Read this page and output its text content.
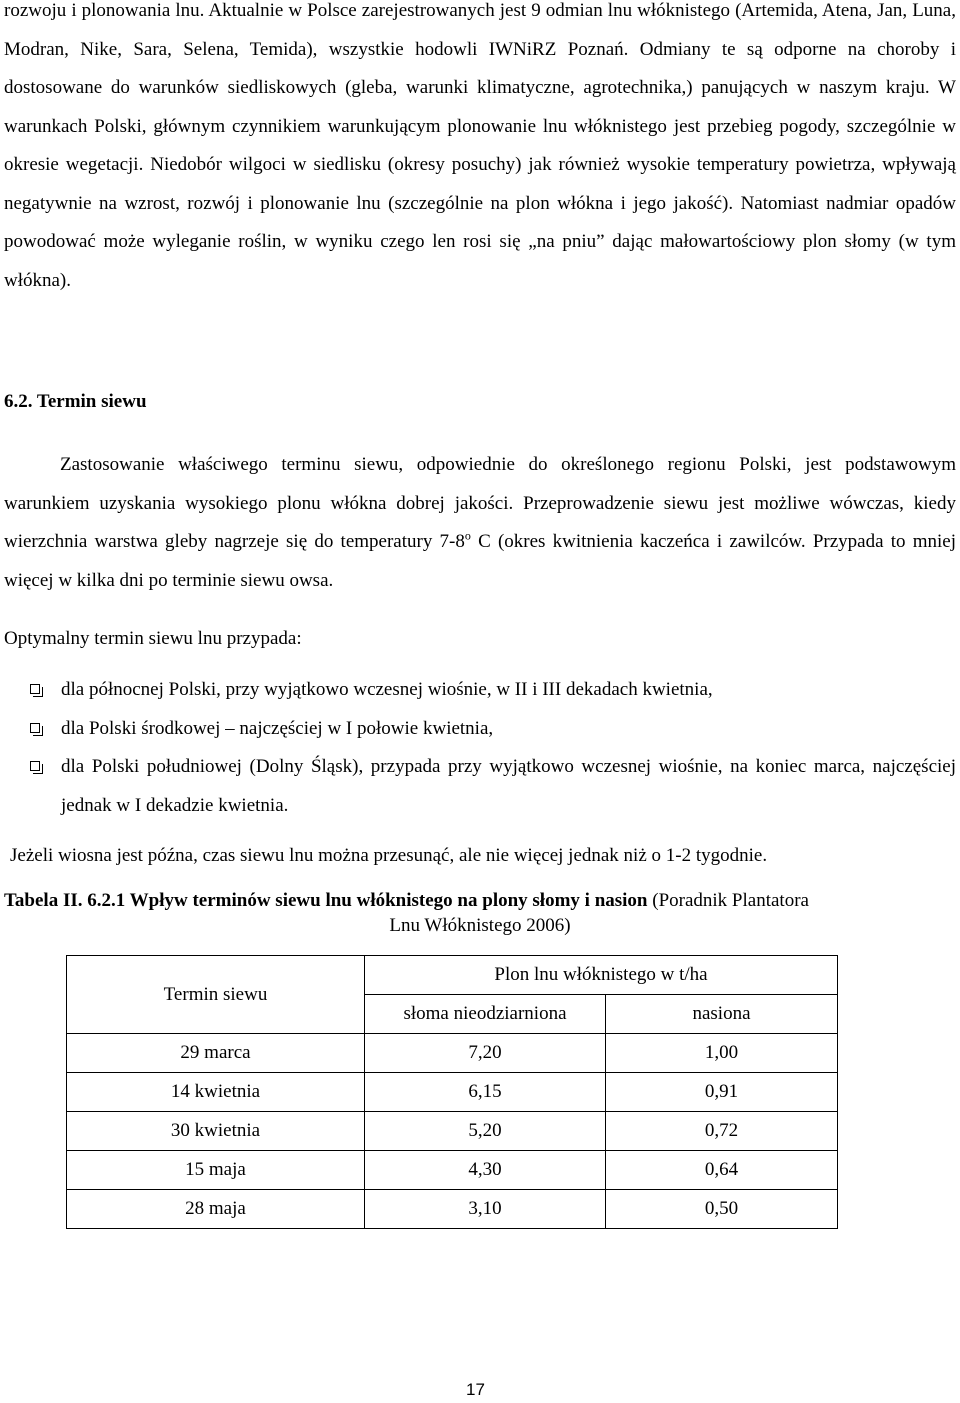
rozwoju i plonowania lnu. Aktualnie w Polsce zarejestrowanych jest 9 odmian lnu włóknistego (Artemida, Atena, Jan, Luna, Modran, Nike, Sara, Selena, Temida), wszystkie hodowli IWNiRZ Poznań. Odmiany te są odporne na choroby i dostosowane do warunków siedliskowych (gleba, warunki klimatyczne, agrotechnika,) panujących w naszym kraju. W warunkach Polski, głównym czynnikiem warunkującym plonowanie lnu włóknistego jest przebieg pogody, szczególnie w okresie wegetacji. Niedobór wilgoci w siedlisku (okresy posuchy) jak również wysokie temperatury powietrza, wpływają negatywnie na wzrost, rozwój i plonowanie lnu (szczególnie na plon włókna i jego jakość). Natomiast nadmiar opadów powodować może wyleganie roślin, w wyniku czego len rosi się „na pniu” dając małowartościowy plon słomy (w tym włókna).

6.2. Termin siewu

Zastosowanie właściwego terminu siewu, odpowiednie do określonego regionu Polski, jest podstawowym warunkiem uzyskania wysokiego plonu włókna dobrej jakości. Przeprowadzenie siewu jest możliwe wówczas, kiedy wierzchnia warstwa gleby nagrzeje się do temperatury 7-8$^o$ C (okres kwitnienia kaczeńca i zawilców. Przypada to mniej więcej w kilka dni po terminie siewu owsa.

Optymalny termin siewu lnu przypada:

dla północnej Polski, przy wyjątkowo wczesnej wiośnie, w II i III dekadach kwietnia,
dla Polski środkowej – najczęściej w I połowie kwietnia,
dla Polski południowej (Dolny Śląsk), przypada przy wyjątkowo wczesnej wiośnie, na koniec marca, najczęściej jednak w I dekadzie kwietnia.

Jeżeli wiosna jest późna, czas siewu lnu można przesunąć, ale nie więcej jednak niż o 1-2 tygodnie.

Tabela II. 6.2.1 Wpływ terminów siewu lnu włóknistego na plony słomy i nasion (Poradnik Plantatora
Lnu Włóknistego 2006)

Termin siewu	Plon lnu włóknistego w t/ha	
	słoma nieodziarniona	nasiona
29 marca	7,20	1,00
14 kwietnia	6,15	0,91
30 kwietnia	5,20	0,72
15 maja	4,30	0,64
28 maja	3,10	0,50
17
